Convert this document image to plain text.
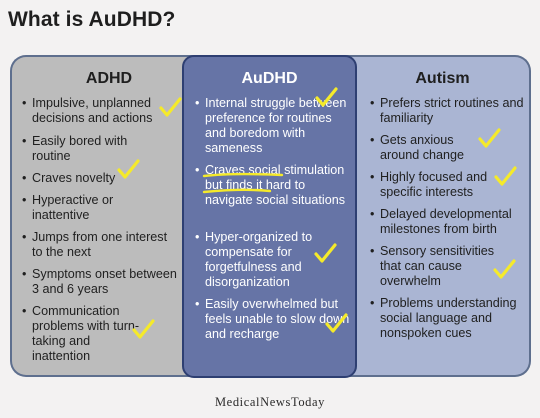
What is AuDHD?
ADHD
• Impulsive, unplanned decisions and actions
• Easily bored with routine
• Craves novelty
• Hyperactive or inattentive
• Jumps from one interest to the next
• Symptoms onset between 3 and 6 years
• Communication problems with turn-taking and inattention
Autism
• Prefers strict routines and familiarity
• Gets anxious around change
• Highly focused and specific interests
• Delayed developmental milestones from birth
• Sensory sensitivities that can cause overwhelm
• Problems understanding social language and nonspoken cues
AuDHD
• Internal struggle between preference for routines and boredom with sameness
• Craves social stimulation but finds it hard to navigate social situations
• Hyper-organized to compensate for forgetfulness and disorganization
• Easily overwhelmed but feels unable to slow down and recharge
MedicalNewsToday
